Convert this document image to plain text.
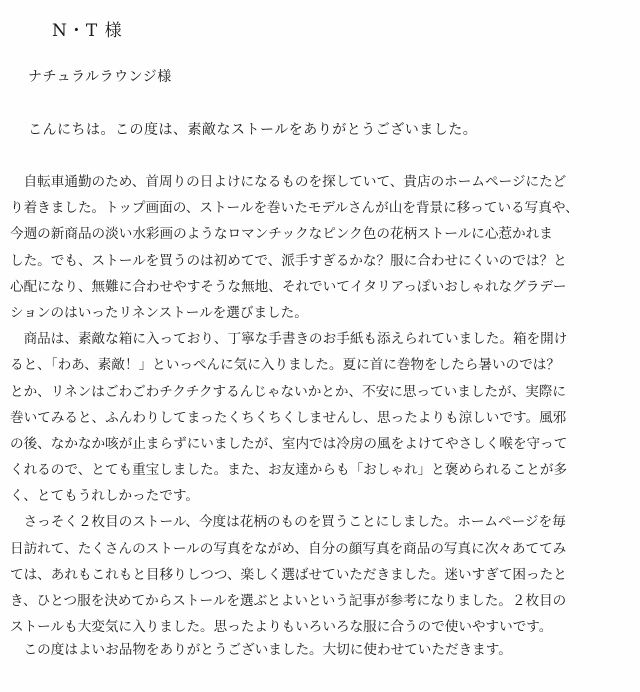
N・T 様
ナチュラルラウンジ様
こんにちは。この度は、素敵なストールをありがとうございました。
　自転車通勤のため、首周りの日よけになるものを探していて、貴店のホームページにたど
り着きました。トップ画面の、ストールを巻いたモデルさんが山を背景に移っている写真や、
今週の新商品の淡い水彩画のようなロマンチックなピンク色の花柄ストールに心惹かれま
した。でも、ストールを買うのは初めてで、派手すぎるかな？服に合わせにくいのでは？と
心配になり、無難に合わせやすそうな無地、それでいてイタリアっぽいおしゃれなグラデー
ションのはいったリネンストールを選びました。
　商品は、素敵な箱に入っており、丁寧な手書きのお手紙も添えられていました。箱を開け
ると、「わあ、素敵！」といっぺんに気に入りました。夏に首に巻物をしたら暑いのでは？
とか、リネンはごわごわチクチクするんじゃないかとか、不安に思っていましたが、実際に
巻いてみると、ふんわりしてまったくちくちくしませんし、思ったよりも涼しいです。風邪
の後、なかなか咳が止まらずにいましたが、室内では冷房の風をよけてやさしく喉を守って
くれるので、とても重宝しました。また、お友達からも「おしゃれ」と褒められることが多
く、とてもうれしかったです。
　さっそく２枚目のストール、今度は花柄のものを買うことにしました。ホームページを毎
日訪れて、たくさんのストールの写真をながめ、自分の顔写真を商品の写真に次々あててみ
ては、あれもこれもと目移りしつつ、楽しく選ばせていただきました。迷いすぎて困ったと
き、ひとつ服を決めてからストールを選ぶとよいという記事が参考になりました。２枚目の
ストールも大変気に入りました。思ったよりもいろいろな服に合うので使いやすいです。
　この度はよいお品物をありがとうございました。大切に使わせていただきます。
